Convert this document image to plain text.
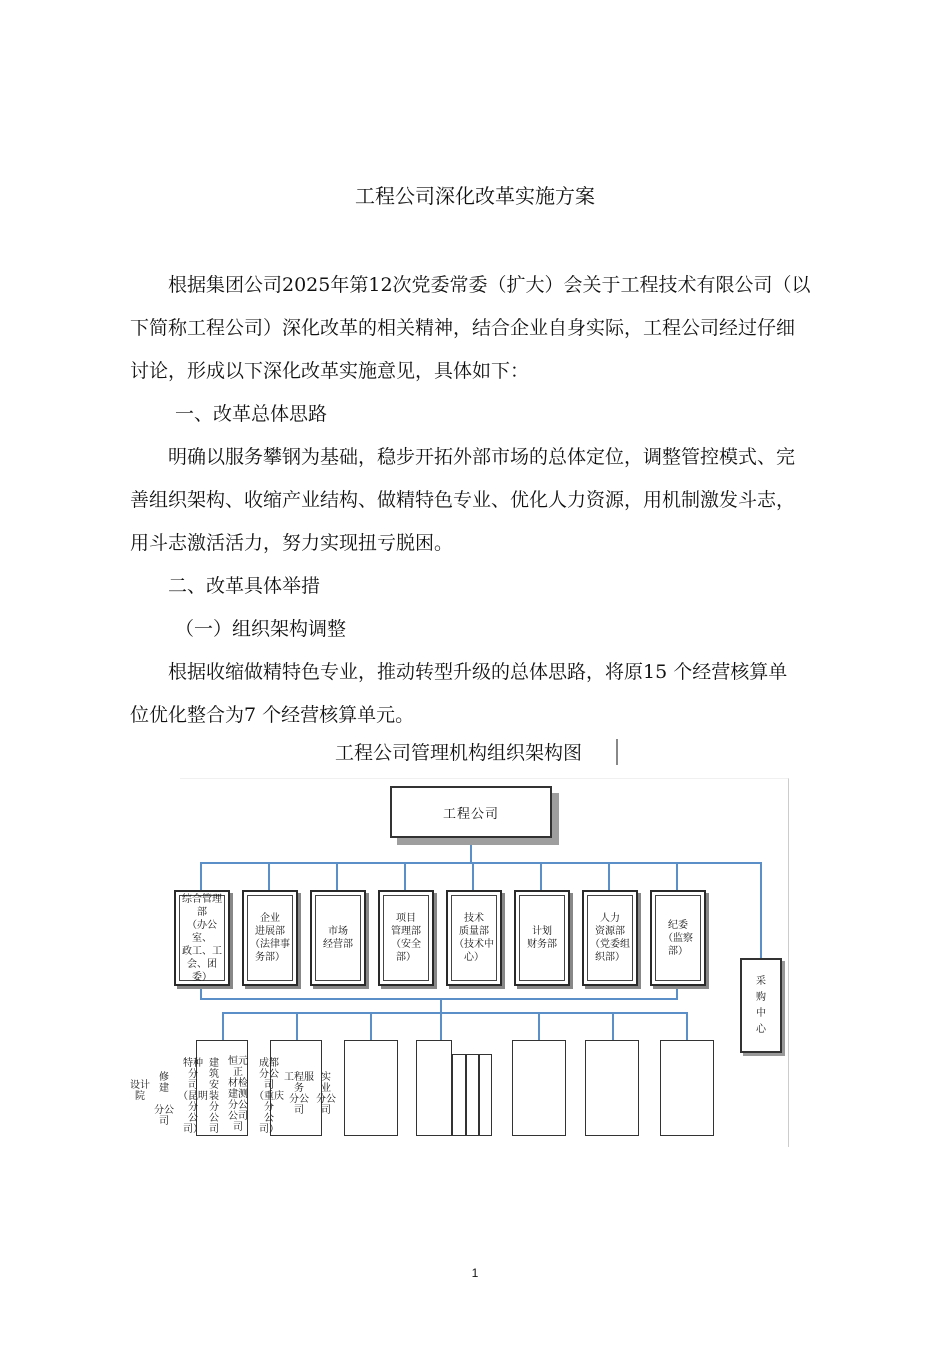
工程公司深化改革实施方案
根据集团公司2025年第12次党委常委（扩大）会关于工程技术有限公司（以
下简称工程公司）深化改革的相关精神，结合企业自身实际，工程公司经过仔细
讨论，形成以下深化改革实施意见，具体如下：
一、改革总体思路
明确以服务攀钢为基础，稳步开拓外部市场的总体定位，调整管控模式、完
善组织架构、收缩产业结构、做精特色专业、优化人力资源，用机制激发斗志，
用斗志激活活力，努力实现扭亏脱困。
二、改革具体举措
（一）组织架构调整
根据收缩做精特色专业，推动转型升级的总体思路，将原15 个经营核算单
位优化整合为7 个经营核算单元。
工程公司管理机构组织架构图
工程公司
综合管理部
（办公室、
政工、工
会、团委）
企业
进展部
（法律事
务部）
市场
经营部
项目
管理部
（安全
部）
技术
质量部
（技术中
心）
计划
财务部
人力
资源部
（党委组
织部）
纪委
（监察
部）
采
购
中
心
设计
院
修
建

分公
司
特种
分
司
（昆明
分
公
司）
建
筑
安
装
分
公
司
恒元
正
材检
建测
分公
公司
司
成都
分公
司
（重庆
分
公
司）
工程服
务
分公
司
实
业
分公
司
1
